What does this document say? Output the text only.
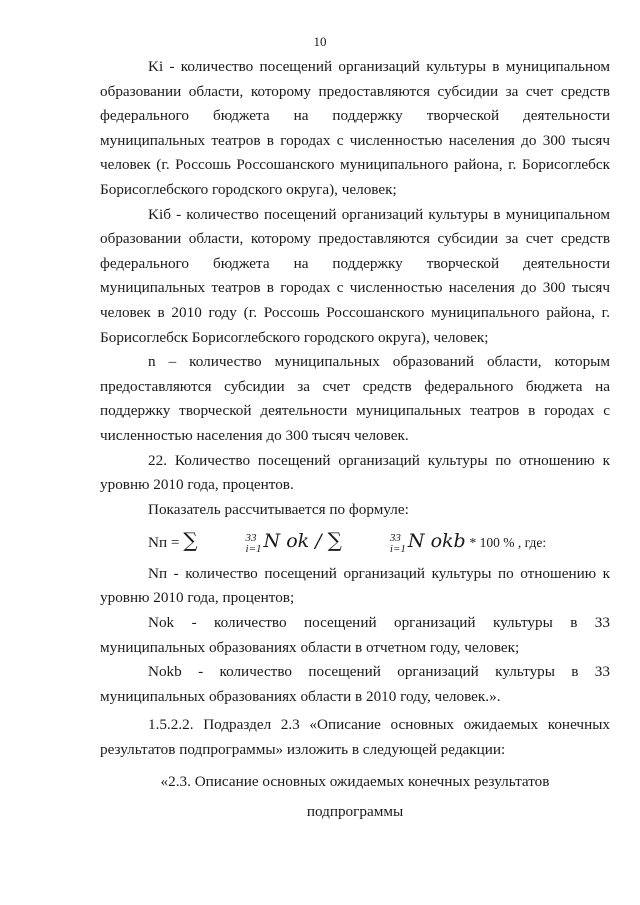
10

Ki - количество посещений организаций культуры в муниципальном образовании области, которому предоставляются субсидии за счет средств федерального бюджета на поддержку творческой деятельности муниципальных театров в городах с численностью населения до 300 тысяч человек (г. Россошь Россошанского муниципального района, г. Борисоглебск Борисоглебского городского округа), человек;

Kiб - количество посещений организаций культуры в муниципальном образовании области, которому предоставляются субсидии за счет средств федерального бюджета на поддержку творческой деятельности муниципальных театров в городах с численностью населения до 300 тысяч человек в 2010 году (г. Россошь Россошанского муниципального района, г. Борисоглебск Борисоглебского городского округа), человек;

n – количество муниципальных образований области, которым предоставляются субсидии за счет средств федерального бюджета на поддержку творческой деятельности муниципальных театров в городах с численностью населения до 300 тысяч человек.

22. Количество посещений организаций культуры по отношению к уровню 2010 года, процентов.

Показатель рассчитывается по формуле:

Nп = ∑	33
i=1 N ok / ∑	33
i=1 N okb * 100 % , где:

Nп - количество посещений организаций культуры по отношению к уровню 2010 года, процентов;

Nok - количество посещений организаций культуры в 33 муниципальных образованиях области в отчетном году, человек;

Nokb - количество посещений организаций культуры в 33 муниципальных образованиях области в 2010 году, человек.».

1.5.2.2. Подраздел 2.3 «Описание основных ожидаемых конечных результатов подпрограммы» изложить в следующей редакции:

«2.3. Описание основных ожидаемых конечных результатов

подпрограммы
